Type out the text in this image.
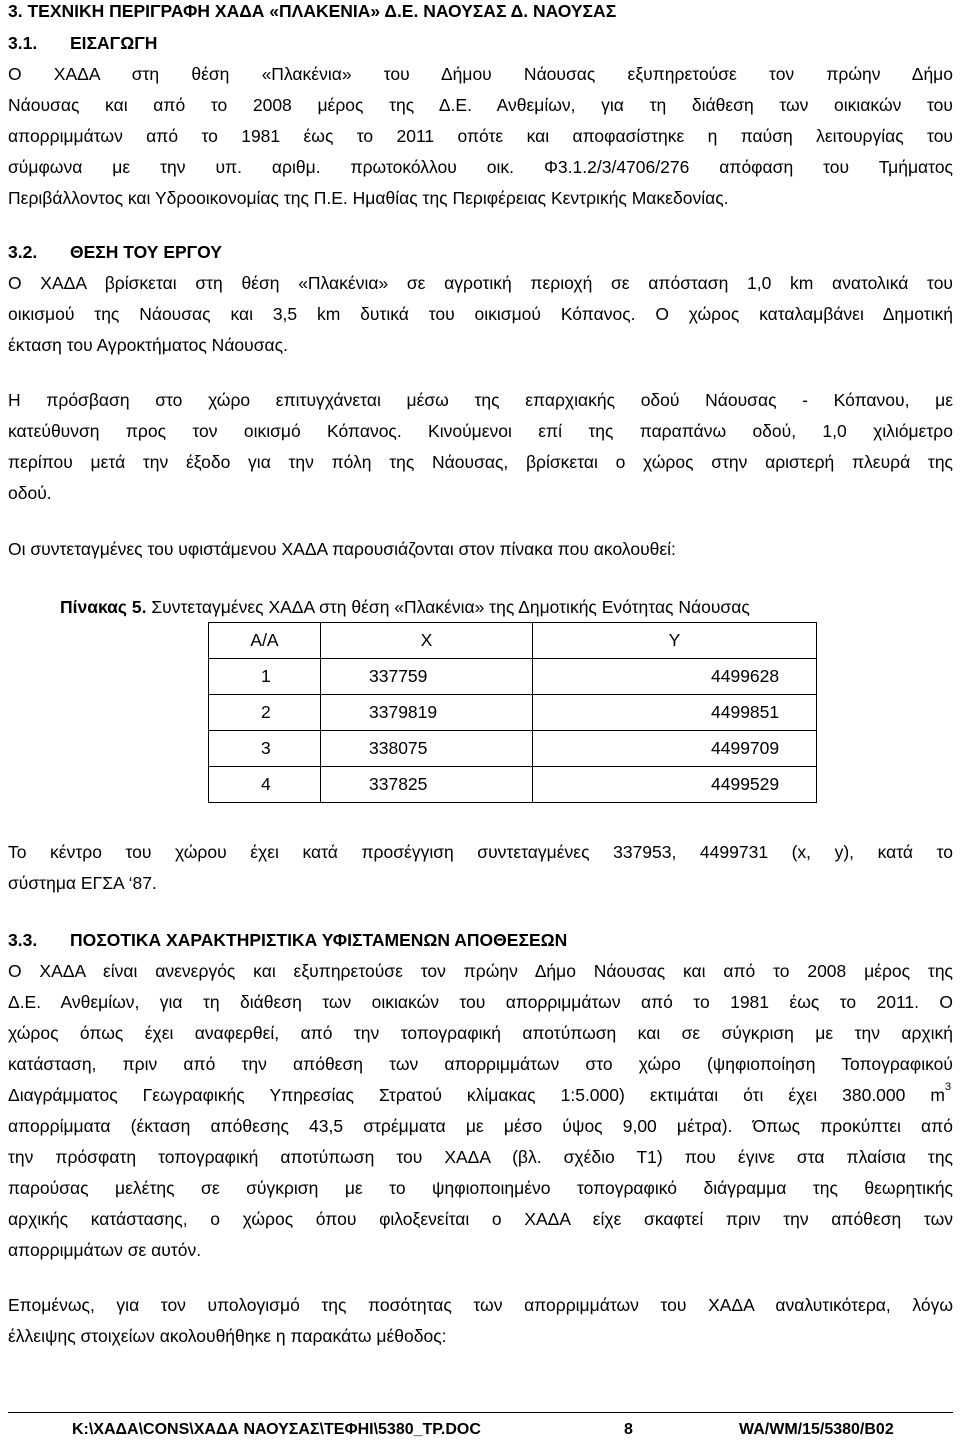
3. ΤΕΧΝΙΚΗ ΠΕΡΙΓΡΑΦΗ ΧΑΔΑ «ΠΛΑΚΕΝΙΑ» Δ.Ε. ΝΑΟΥΣΑΣ Δ. ΝΑΟΥΣΑΣ
3.1. ΕΙΣΑΓΩΓΗ
Ο ΧΑΔΑ στη θέση «Πλακένια» του Δήμου Νάουσας εξυπηρετούσε τον πρώην Δήμο
Νάουσας και από το 2008 μέρος της Δ.Ε. Ανθεμίων, για τη διάθεση των οικιακών του
απορριμμάτων από το 1981 έως το 2011 οπότε και αποφασίστηκε η παύση λειτουργίας του
σύμφωνα με την υπ. αριθμ. πρωτοκόλλου οικ. Φ3.1.2/3/4706/276 απόφαση του Τμήματος
Περιβάλλοντος και Υδροοικονομίας της Π.Ε. Ημαθίας της Περιφέρειας Κεντρικής Μακεδονίας.
3.2. ΘΕΣΗ ΤΟΥ ΕΡΓΟΥ
Ο ΧΑΔΑ βρίσκεται στη θέση «Πλακένια» σε αγροτική περιοχή σε απόσταση 1,0 km ανατολικά του
οικισμού της Νάουσας και 3,5 km δυτικά του οικισμού Κόπανος. Ο χώρος καταλαμβάνει Δημοτική
έκταση του Αγροκτήματος Νάουσας.
Η πρόσβαση στο χώρο επιτυγχάνεται μέσω της επαρχιακής οδού Νάουσας - Κόπανου, με
κατεύθυνση προς τον οικισμό Κόπανος. Κινούμενοι επί της παραπάνω οδού, 1,0 χιλιόμετρο
περίπου μετά την έξοδο για την πόλη της Νάουσας, βρίσκεται ο χώρος στην αριστερή πλευρά της
οδού.
Οι συντεταγμένες του υφιστάμενου ΧΑΔΑ παρουσιάζονται στον πίνακα που ακολουθεί:
Πίνακας 5. Συντεταγμένες ΧΑΔΑ στη θέση «Πλακένια» της Δημοτικής Ενότητας Νάουσας
Α/Α	Χ	Υ
1	337759	4499628
2	3379819	4499851
3	338075	4499709
4	337825	4499529
Το κέντρο του χώρου έχει κατά προσέγγιση συντεταγμένες 337953, 4499731 (x, y), κατά το
σύστημα ΕΓΣΑ ‘87.
3.3. ΠΟΣΟΤΙΚΑ ΧΑΡΑΚΤΗΡΙΣΤΙΚΑ ΥΦΙΣΤΑΜΕΝΩΝ ΑΠΟΘΕΣΕΩΝ
Ο ΧΑΔΑ είναι ανενεργός και εξυπηρετούσε τον πρώην Δήμο Νάουσας και από το 2008 μέρος της
Δ.Ε. Ανθεμίων, για τη διάθεση των οικιακών του απορριμμάτων από το 1981 έως το 2011. Ο
χώρος όπως έχει αναφερθεί, από την τοπογραφική αποτύπωση και σε σύγκριση με την αρχική
κατάσταση, πριν από την απόθεση των απορριμμάτων στο χώρο (ψηφιοποίηση Τοπογραφικού
Διαγράμματος Γεωγραφικής Υπηρεσίας Στρατού κλίμακας 1:5.000) εκτιμάται ότι έχει 380.000 m 3
απορρίμματα (έκταση απόθεσης 43,5 στρέμματα με μέσο ύψος 9,00 μέτρα). Όπως προκύπτει από
την πρόσφατη τοπογραφική αποτύπωση του ΧΑΔΑ (βλ. σχέδιο Τ1) που έγινε στα πλαίσια της
παρούσας μελέτης σε σύγκριση με το ψηφιοποιημένο τοπογραφικό διάγραμμα της θεωρητικής
αρχικής κατάστασης, ο χώρος όπου φιλοξενείται ο ΧΑΔΑ είχε σκαφτεί πριν την απόθεση των
απορριμμάτων σε αυτόν.
Επομένως, για τον υπολογισμό της ποσότητας των απορριμμάτων του ΧΑΔΑ αναλυτικότερα, λόγω
έλλειψης στοιχείων ακολουθήθηκε η παρακάτω μέθοδος:
K:\ΧΑΔΑ\CONS\ΧΑΔΑ ΝΑΟΥΣΑΣ\ΤΕΦΗΙ\5380_TP.DOC	8	WA/WM/15/5380/B02
